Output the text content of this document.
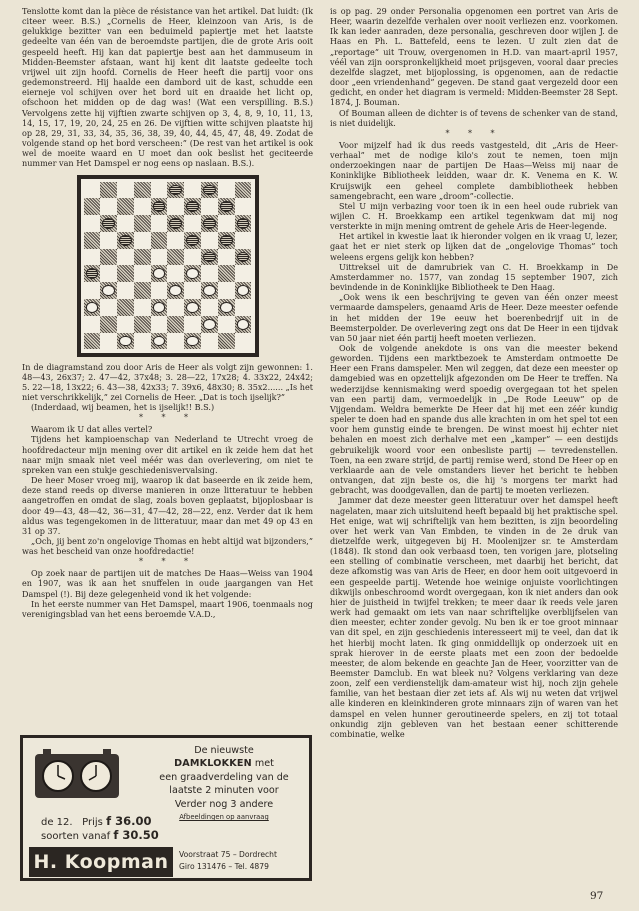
Tenslotte komt dan la pièce de résistance van het artikel. Dat luidt: (Ik citeer weer. B.S.) „Cornelis de Heer, kleinzoon van Aris, is de gelukkige bezitter van een beduimeld papiertje met het laatste gedeelte van één van de beroemdste partijen, die de grote Aris ooit gespeeld heeft. Hij kan dat papiertje best aan het dammuseum in Midden-Beemster afstaan, want hij kent dit laatste gedeelte toch vrijwel uit zijn hoofd. Cornelis de Heer heeft die partij voor ons gedemonstreerd. Hij haalde een dambord uit de kast, schudde een eierneje vol schijven over het bord uit en draaide het licht op, ofschoon het midden op de dag was! (Wat een verspilling. B.S.) Vervolgens zette hij vijftien zwarte schijven op 3, 4, 8, 9, 10, 11, 13, 14, 15, 17, 19, 20, 24, 25 en 26. De vijftien witte schijven plaatste hij op 28, 29, 31, 33, 34, 35, 36, 38, 39, 40, 44, 45, 47, 48, 49. Zodat de volgende stand op het bord verscheen:” (De rest van het artikel is ook wel de moeite waard en U moet dan ook beslist het geciteerde nummer van Het Damspel er nog eens op naslaan. B.S.).

In de diagramstand zou door Aris de Heer als volgt zijn gewonnen: 1. 48—43, 26x37; 2. 47—42, 37x48; 3. 28—22, 17x28; 4. 33x22, 24x42; 5. 22—18, 13x22; 6. 43—38, 42x33; 7. 39x6, 48x30; 8. 35x2...... „Is het niet verschrikkelijk,” zei Cornelis de Heer. „Dat is toch ijselijk?”

(Inderdaad, wij beamen, het is ijselijk!! B.S.)

* * *

Waarom ik U dat alles vertel?

Tijdens het kampioenschap van Nederland te Utrecht vroeg de hoofdredacteur mijn mening over dit artikel en ik zeide hem dat het naar mijn smaak niet veel méér was dan overlevering, om niet te spreken van een stukje geschiedenisvervalsing.

De heer Moser vroeg mij, waarop ik dat baseerde en ik zeide hem, deze stand reeds op diverse manieren in onze litteratuur te hebben aangetroffen en omdat de slag, zoals boven geplaatst, bijoplosbaar is door 49—43, 48—42, 36—31, 47—42, 28—22, enz. Verder dat ik hem aldus was tegengekomen in de litteratuur, maar dan met 49 op 43 en 31 op 37.

„Och, jij bent zo'n ongelovige Thomas en hebt altijd wat bijzonders,” was het bescheid van onze hoofdredactie!

* * *

Op zoek naar de partijen uit de matches De Haas—Weiss van 1904 en 1907, was ik aan het snuffelen in oude jaargangen van Het Damspel (!). Bij deze gelegenheid vond ik het volgende:

In het eerste nummer van Het Damspel, maart 1906, toenmaals nog verenigingsblad van het eens beroemde V.A.D.,

is op pag. 29 onder Personalia opgenomen een portret van Aris de Heer, waarin dezelfde verhalen over nooit verliezen enz. voorkomen. Ik kan ieder aanraden, deze personalia, geschreven door wijlen J. de Haas en Ph. L. Battefeld, eens te lezen. U zult zien dat de „reportage” uit Trouw, overgenomen in H.D. van maart-april 1957, véél van zijn oorspronkelijkheid moet prijsgeven, vooral daar precies dezelfde slagzet, met bijoplossing, is opgenomen, aan de redactie door „een vriendenhand” gegeven. De stand gaat vergezeld door een gedicht, en onder het diagram is vermeld: Midden-Beemster 28 Sept. 1874, J. Bouman.

Of Bouman alleen de dichter is of tevens de schenker van de stand, is niet duidelijk.

* * *

Voor mijzelf had ik dus reeds vastgesteld, dit „Aris de Heer-verhaal” met de nodige kilo's zout te nemen, toen mijn onderzoekingen naar de partijen De Haas—Weiss mij naar de Koninklijke Bibliotheek leidden, waar dr. K. Venema en K. W. Kruijswijk een geheel complete dambibliotheek hebben samengebracht, een ware „droom”-collectie.

Stel U mijn verbazing voor toen ik in een heel oude rubriek van wijlen C. H. Broekkamp een artikel tegenkwam dat mij nog versterkte in mijn mening omtrent de gehele Aris de Heer-legende.

Het artikel in kwestie laat ik hieronder volgen en ik vraag U, lezer, gaat het er niet sterk op lijken dat de „ongelovige Thomas” toch weleens ergens gelijk kon hebben?

Uittreksel uit de damrubriek van C. H. Broekkamp in De Amsterdammer no. 1577, van zondag 15 september 1907, zich bevindende in de Koninklijke Bibliotheek te Den Haag.

„Ook wens ik een beschrijving te geven van één onzer meest vermaarde damspelers, genaamd Aris de Heer. Deze meester oefende in het midden der 19e eeuw het boerenbedrijf uit in de Beemsterpolder. De overlevering zegt ons dat De Heer in een tijdvak van 50 jaar niet één partij heeft moeten verliezen.

Ook de volgende anekdote is ons van die meester bekend geworden. Tijdens een marktbezoek te Amsterdam ontmoette De Heer een Frans damspeler. Men wil zeggen, dat deze een meester op damgebied was en opzettelijk afgezonden om De Heer te treffen. Na wederzijdse kennismaking werd spoedig overgegaan tot het spelen van een partij dam, vermoedelijk in „De Rode Leeuw” op de Vijgendam. Weldra bemerkte De Heer dat hij met een zéér kundig speler te doen had en spande dus alle krachten in om het spel tot een voor hem gunstig einde te brengen. De winst moest hij echter niet behalen en moest zich derhalve met een „kamper” — een destijds gebruikelijk woord voor een onbesliste partij — tevredenstellen. Toen, na een zware strijd, de partij remise werd, stond De Heer op en verklaarde aan de vele omstanders liever het bericht te hebben ontvangen, dat zijn beste os, die hij 's morgens ter markt had gebracht, was doodgevallen, dan de partij te moeten verliezen.

Jammer dat deze meester geen litteratuur over het damspel heeft nagelaten, maar zich uitsluitend heeft bepaald bij het praktische spel. Het enige, wat wij schriftelijk van hem bezitten, is zijn beoordeling over het werk van Van Embden, te vinden in de 2e druk van dietzelfde werk, uitgegeven bij H. Moolenijzer sr. te Amsterdam (1848). Ik stond dan ook verbaasd toen, ten vorigen jare, plotseling een stelling of combinatie verscheen, met daarbij het bericht, dat deze afkomstig was van Aris de Heer, en door hem ooit uitgevoerd in een gespeelde partij. Wetende hoe weinige onjuiste voorlichtingen dikwijls onbeschroomd wordt overgegaan, kon ik niet anders dan ook hier de juistheid in twijfel trekken; te meer daar ik reeds vele jaren werk had gemaakt om iets van naar schriftelijke overblijfselen van dien meester, echter zonder gevolg. Nu ben ik er toe groot minnaar van dit spel, en zijn geschiedenis interesseert mij te veel, dan dat ik het hierbij mocht laten. Ik ging onmiddellijk op onderzoek uit en sprak hierover in de eerste plaats met een zoon der bedoelde meester, de alom bekende en geachte Jan de Heer, voorzitter van de Beemster Damclub. En wat bleek nu? Volgens verklaring van deze zoon, zelf een verdienstelijk dam-amateur wist hij, noch zijn gehele familie, van het bestaan dier zet iets af. Als wij nu weten dat vrijwel alle kinderen en kleinkinderen grote minnaars zijn of waren van het damspel en velen hunner geroutineerde spelers, en zij tot totaal onkundig zijn gebleven van het bestaan eener schitterende combinatie, welke

De nieuwste
DAMKLOKKEN met
een graadverdeling van de
laatste 2 minuten voor
Verder nog 3 andere
Afbeeldingen op aanvraag
de 12. Prijs f 36.00
soorten vanaf f 30.50
H. Koopman	Voorstraat 75 – Dordrecht
Giro 131476 – Tel. 4879
97
